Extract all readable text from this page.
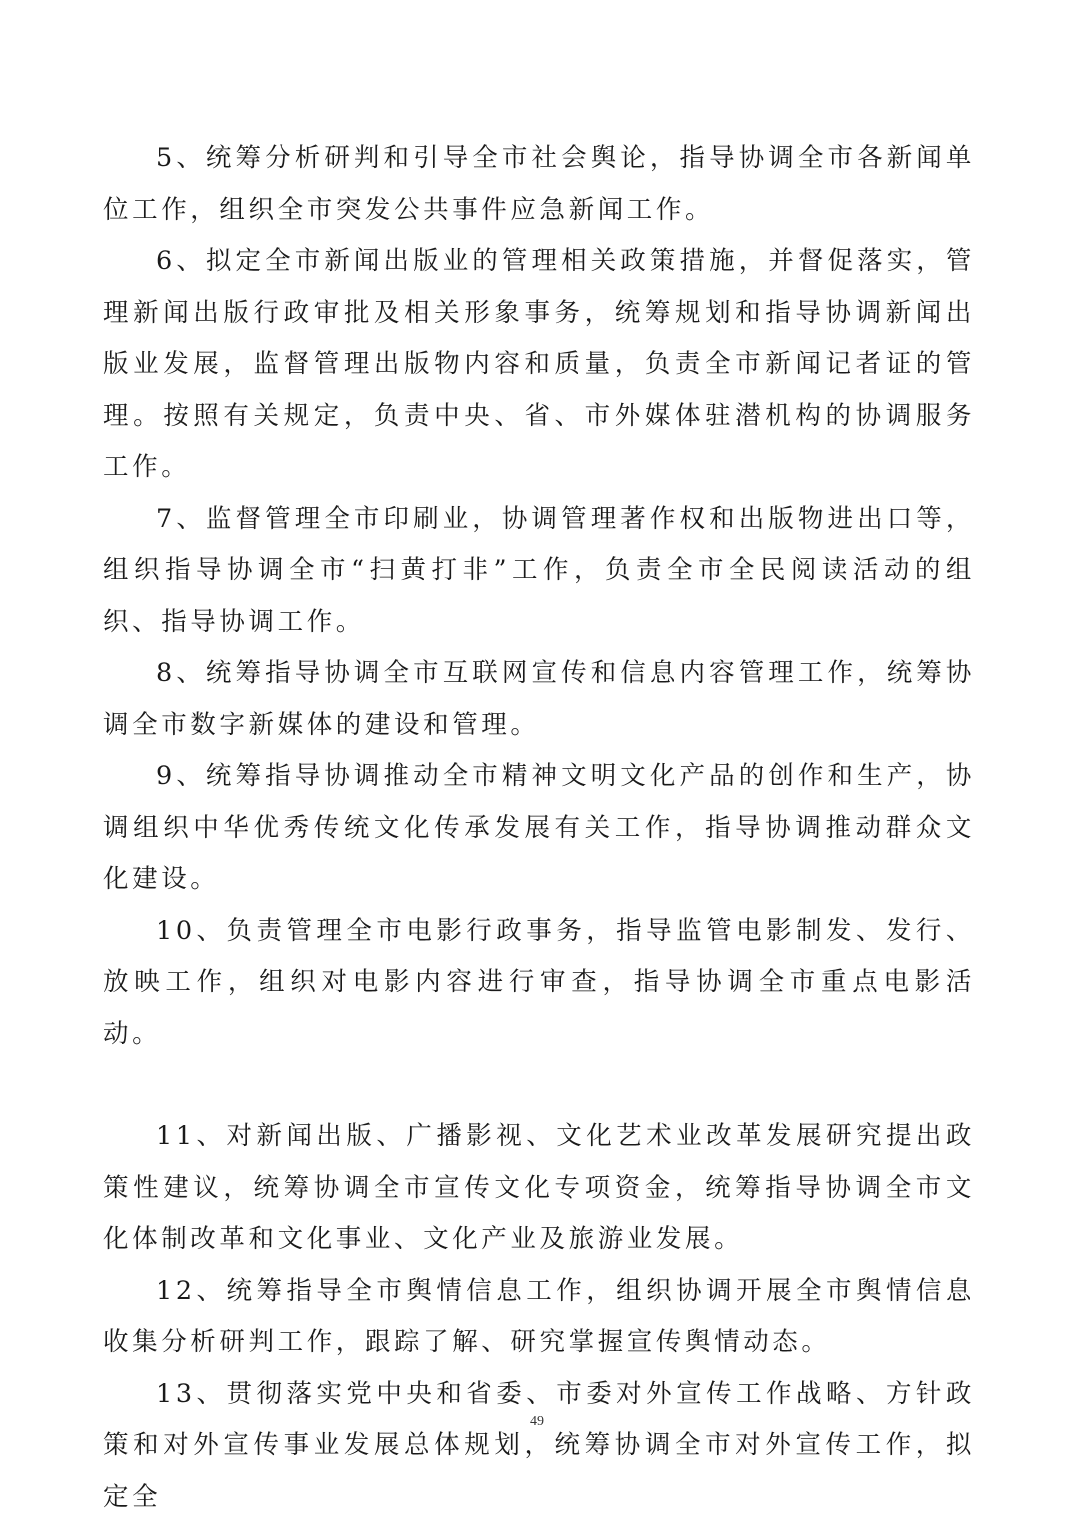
5、统筹分析研判和引导全市社会舆论，指导协调全市各新闻单位工作，组织全市突发公共事件应急新闻工作。

6、拟定全市新闻出版业的管理相关政策措施，并督促落实，管理新闻出版行政审批及相关形象事务，统筹规划和指导协调新闻出版业发展，监督管理出版物内容和质量，负责全市新闻记者证的管理。按照有关规定，负责中央、省、市外媒体驻潜机构的协调服务工作。

7、监督管理全市印刷业，协调管理著作权和出版物进出口等，组织指导协调全市“扫黄打非”工作，负责全市全民阅读活动的组织、指导协调工作。

8、统筹指导协调全市互联网宣传和信息内容管理工作，统筹协调全市数字新媒体的建设和管理。

9、统筹指导协调推动全市精神文明文化产品的创作和生产，协调组织中华优秀传统文化传承发展有关工作，指导协调推动群众文化建设。

10、负责管理全市电影行政事务，指导监管电影制发、发行、放映工作，组织对电影内容进行审查，指导协调全市重点电影活动。

11、对新闻出版、广播影视、文化艺术业改革发展研究提出政策性建议，统筹协调全市宣传文化专项资金，统筹指导协调全市文化体制改革和文化事业、文化产业及旅游业发展。

12、统筹指导全市舆情信息工作，组织协调开展全市舆情信息收集分析研判工作，跟踪了解、研究掌握宣传舆情动态。

13、贯彻落实党中央和省委、市委对外宣传工作战略、方针政策和对外宣传事业发展总体规划，统筹协调全市对外宣传工作，拟定全

49
